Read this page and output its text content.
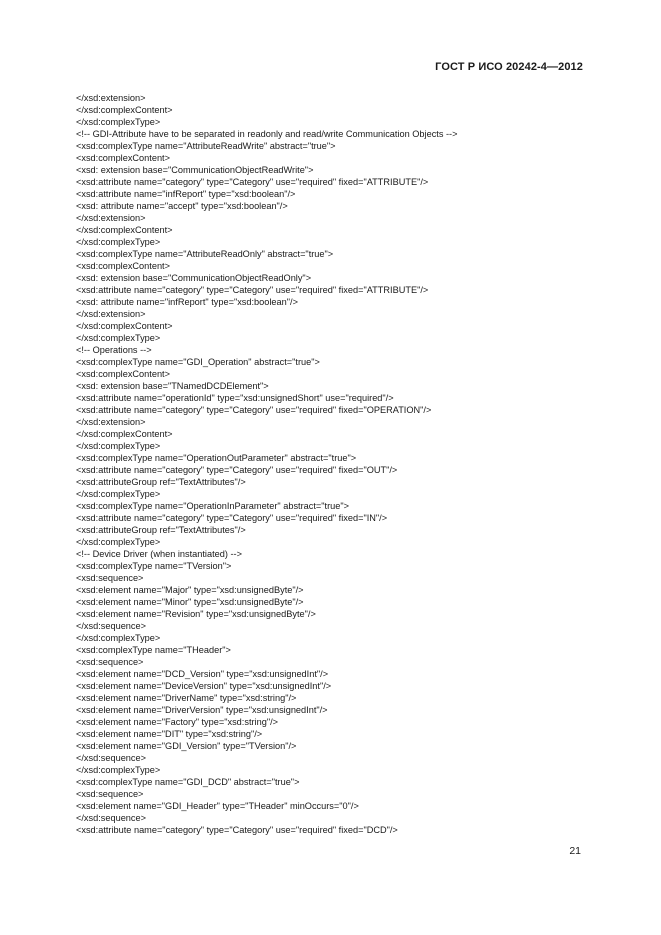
ГОСТ Р ИСО 20242-4—2012
</xsd:extension>
</xsd:complexContent>
</xsd:complexType>
<!-- GDI-Attribute have to be separated in readonly and read/write Communication Objects -->
<xsd:complexType name="AttributeReadWrite" abstract="true">
<xsd:complexContent>
<xsd: extension base="CommunicationObjectReadWrite">
<xsd:attribute name="category" type="Category" use="required" fixed="ATTRIBUTE"/>
<xsd:attribute name="infReport" type="xsd:boolean"/>
<xsd: attribute name="accept" type="xsd:boolean"/>
</xsd:extension>
</xsd:complexContent>
</xsd:complexType>
<xsd:complexType name="AttributeReadOnly" abstract="true">
<xsd:complexContent>
<xsd: extension base="CommunicationObjectReadOnly">
<xsd:attribute name="category" type="Category" use="required" fixed="ATTRIBUTE"/>
<xsd: attribute name="infReport" type="xsd:boolean"/>
</xsd:extension>
</xsd:complexContent>
</xsd:complexType>
<!-- Operations -->
<xsd:complexType name="GDI_Operation" abstract="true">
<xsd:complexContent>
<xsd: extension base="TNamedDCDElement">
<xsd:attribute name="operationId" type="xsd:unsignedShort" use="required"/>
<xsd:attribute name="category" type="Category" use="required" fixed="OPERATION"/>
</xsd:extension>
</xsd:complexContent>
</xsd:complexType>
<xsd:complexType name="OperationOutParameter" abstract="true">
<xsd:attribute name="category" type="Category" use="required" fixed="OUT"/>
<xsd:attributeGroup ref="TextAttributes"/>
</xsd:complexType>
<xsd:complexType name="OperationInParameter" abstract="true">
<xsd:attribute name="category" type="Category" use="required" fixed="IN"/>
<xsd:attributeGroup ref="TextAttributes"/>
</xsd:complexType>
<!-- Device Driver (when instantiated) -->
<xsd:complexType name="TVersion">
<xsd:sequence>
<xsd:element name="Major" type="xsd:unsignedByte"/>
<xsd:element name="Minor" type="xsd:unsignedByte"/>
<xsd:element name="Revision" type="xsd:unsignedByte"/>
</xsd:sequence>
</xsd:complexType>
<xsd:complexType name="THeader">
<xsd:sequence>
<xsd:element name="DCD_Version" type="xsd:unsignedInt"/>
<xsd:element name="DeviceVersion" type="xsd:unsignedInt"/>
<xsd:element name="DriverName" type="xsd:string"/>
<xsd:element name="DriverVersion" type="xsd:unsignedInt"/>
<xsd:element name="Factory" type="xsd:string"/>
<xsd:element name="DIT" type="xsd:string"/>
<xsd:element name="GDI_Version" type="TVersion"/>
</xsd:sequence>
</xsd:complexType>
<xsd:complexType name="GDI_DCD" abstract="true">
<xsd:sequence>
<xsd:element name="GDI_Header" type="THeader" minOccurs="0"/>
</xsd:sequence>
<xsd:attribute name="category" type="Category" use="required" fixed="DCD"/>
21
